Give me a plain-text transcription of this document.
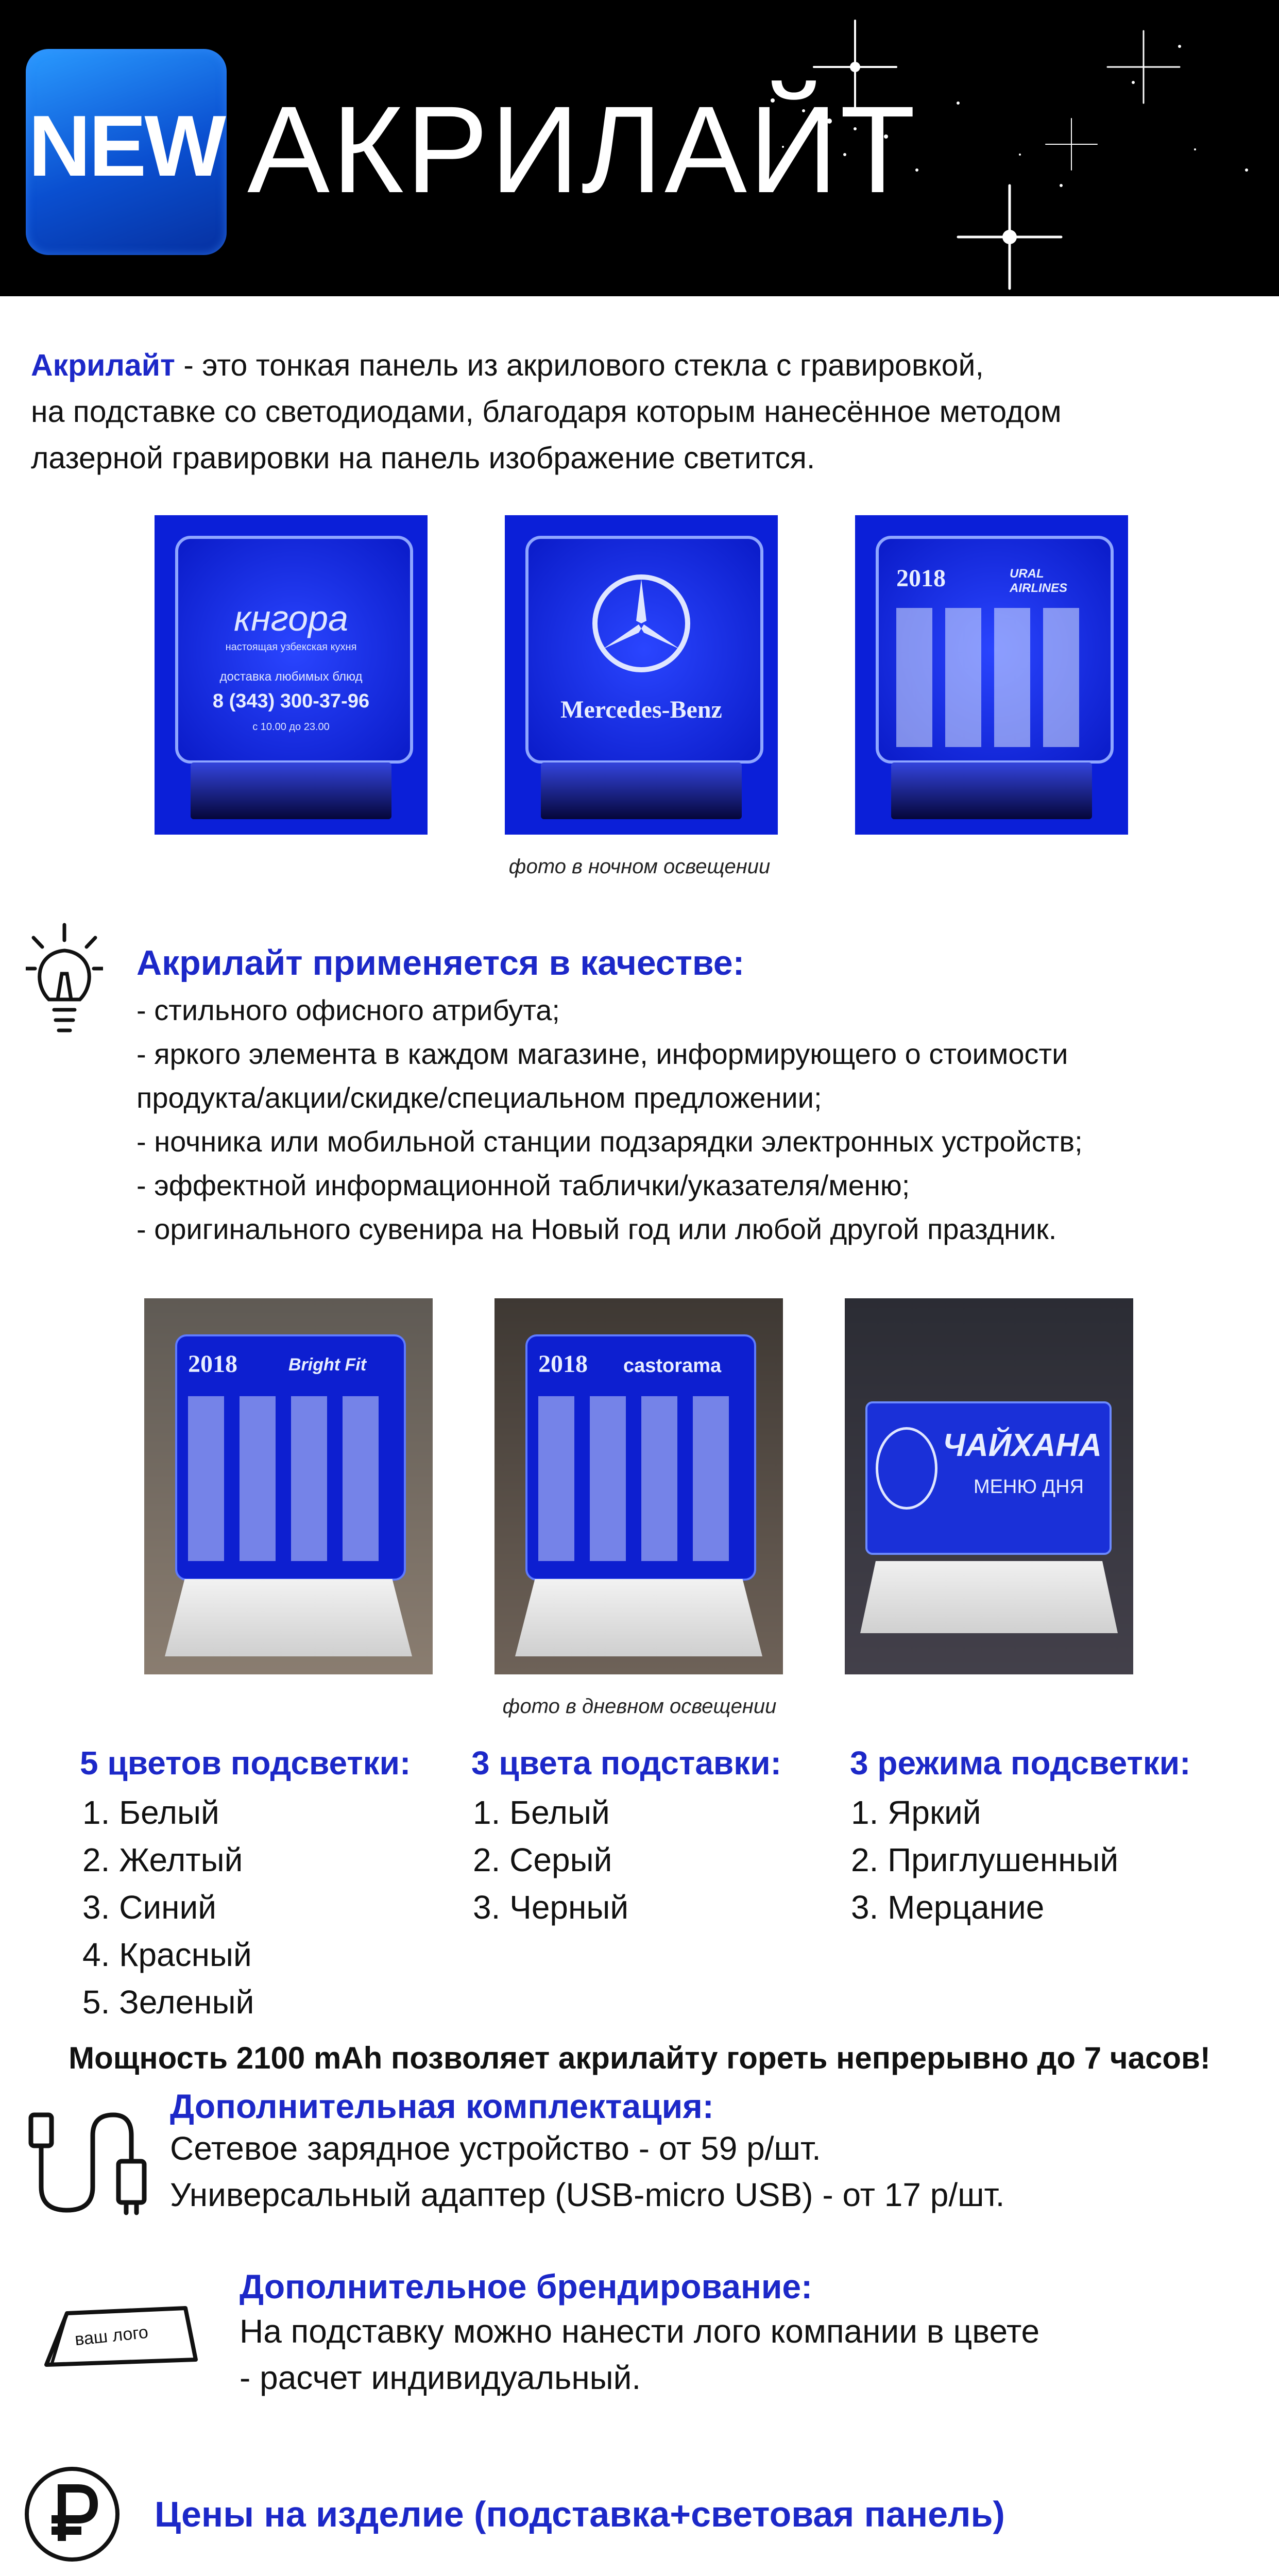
NEW АКРИЛАЙТ
Акрилайт - это тонкая панель из акрилового стекла с гравировкой,
на подставке со светодиодами, благодаря которым нанесённое методом
лазерной гравировки на панель изображение светится.
кнгора
настоящая узбекская кухня
доставка любимых блюд
8 (343) 300-37-96
с 10.00 до 23.00
Mercedes-Benz
2018	URAL AIRLINES
фото в ночном освещении
Акрилайт применяется в качестве:
- стильного офисного атрибута;
- яркого элемента в каждом магазине, информирующего о стоимости
продукта/акции/скидке/специальном предложении;
- ночника или мобильной станции подзарядки электронных устройств;
- эффектной информационной таблички/указателя/меню;
- оригинального сувенира на Новый год или любой другой праздник.
2018	Bright Fit	2018 castorama
ЧАЙХАНА
МЕНЮ ДНЯ
фото в дневном освещении
5 цветов подсветки:
1. Белый
2. Желтый
3. Синий
4. Красный
5. Зеленый
3 цвета подставки:
1. Белый
2. Серый
3. Черный
3 режима подсветки:
1. Яркий
2. Приглушенный
3. Мерцание
Мощность 2100 mAh позволяет акрилайту гореть непрерывно до 7 часов!
Дополнительная комплектация:
Сетевое зарядное устройство - от 59 р/шт.
Универсальный адаптер (USB-micro USB) - от 17 р/шт.
ваш лого
Дополнительное брендирование:
На подставку можно нанести лого компании в цвете
- расчет индивидуальный.
Цены на изделие (подставка+световая панель)
